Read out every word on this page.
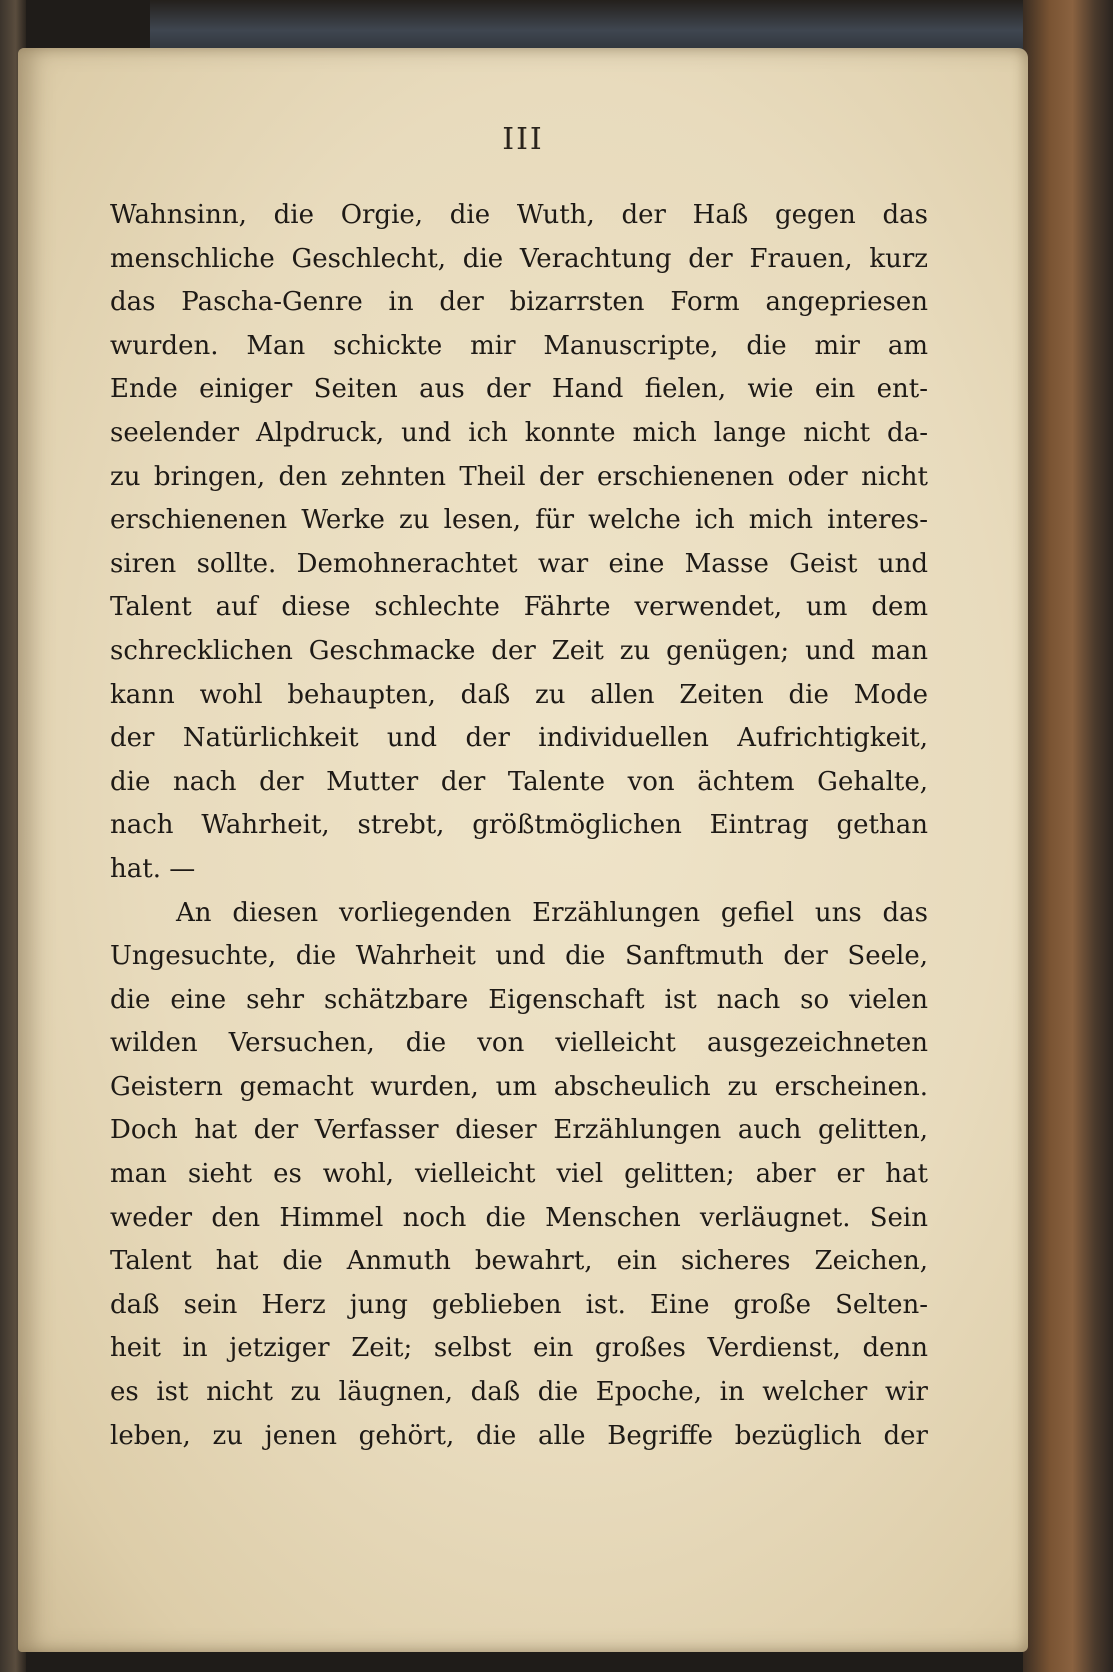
III
Wahnsinn, die Orgie, die Wuth, der Haß gegen das
menschliche Geschlecht, die Verachtung der Frauen, kurz
das Pascha-Genre in der bizarrsten Form angepriesen
wurden. Man schickte mir Manuscripte, die mir am
Ende einiger Seiten aus der Hand fielen, wie ein ent-
seelender Alpdruck, und ich konnte mich lange nicht da-
zu bringen, den zehnten Theil der erschienenen oder nicht
erschienenen Werke zu lesen, für welche ich mich interes-
siren sollte. Demohnerachtet war eine Masse Geist und
Talent auf diese schlechte Fährte verwendet, um dem
schrecklichen Geschmacke der Zeit zu genügen; und man
kann wohl behaupten, daß zu allen Zeiten die Mode
der Natürlichkeit und der individuellen Aufrichtigkeit,
die nach der Mutter der Talente von ächtem Gehalte,
nach Wahrheit, strebt, größtmöglichen Eintrag gethan
hat. —
An diesen vorliegenden Erzählungen gefiel uns das
Ungesuchte, die Wahrheit und die Sanftmuth der Seele,
die eine sehr schätzbare Eigenschaft ist nach so vielen
wilden Versuchen, die von vielleicht ausgezeichneten
Geistern gemacht wurden, um abscheulich zu erscheinen.
Doch hat der Verfasser dieser Erzählungen auch gelitten,
man sieht es wohl, vielleicht viel gelitten; aber er hat
weder den Himmel noch die Menschen verläugnet. Sein
Talent hat die Anmuth bewahrt, ein sicheres Zeichen,
daß sein Herz jung geblieben ist. Eine große Selten-
heit in jetziger Zeit; selbst ein großes Verdienst, denn
es ist nicht zu läugnen, daß die Epoche, in welcher wir
leben, zu jenen gehört, die alle Begriffe bezüglich der
